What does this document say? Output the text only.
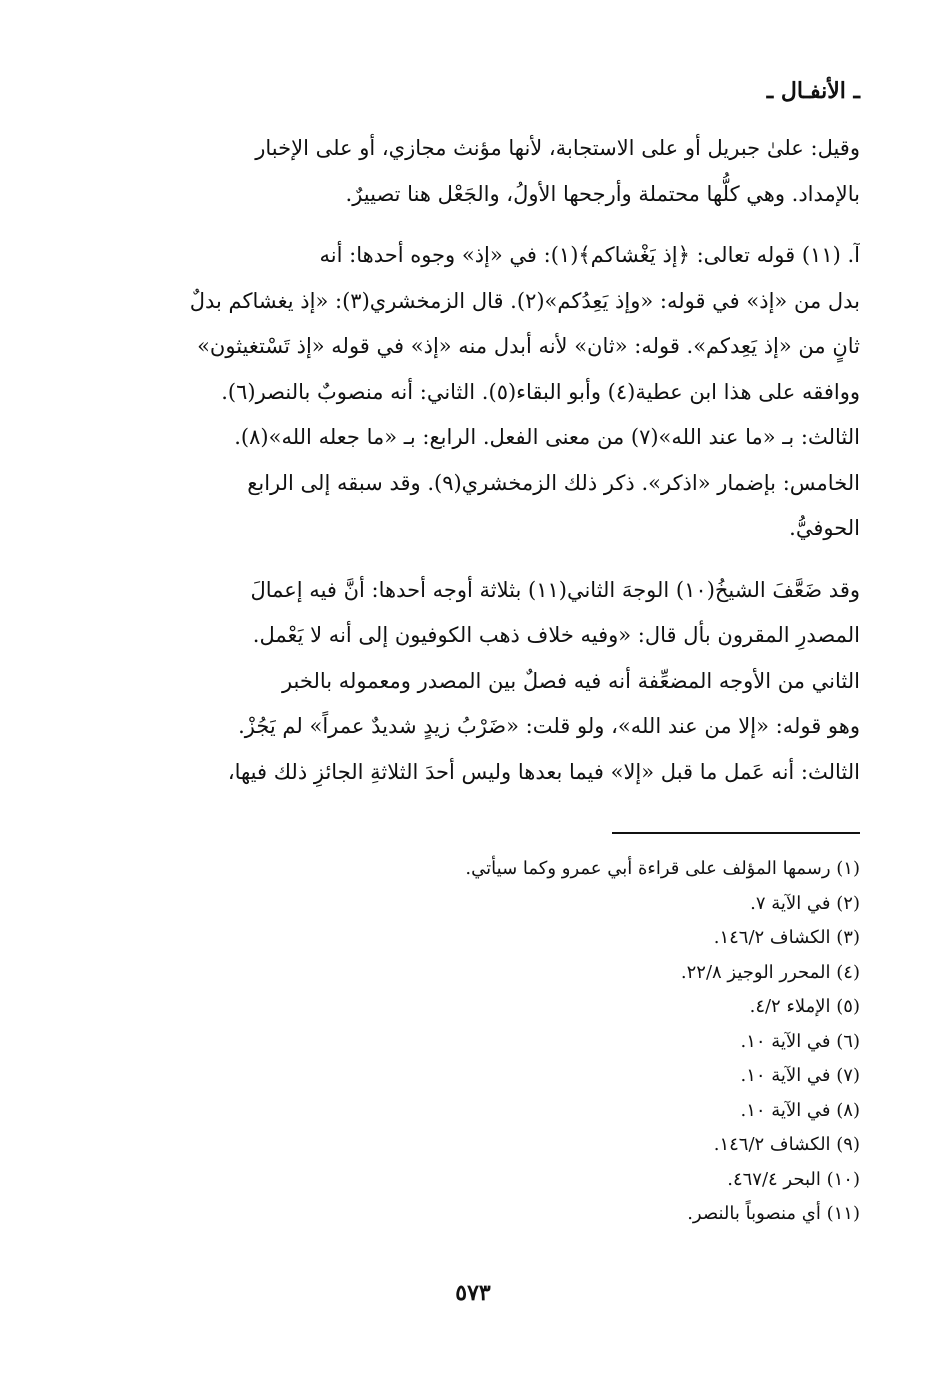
ـ الأنفـال ـ
وقيل: علىٰ جبريل أو على الاستجابة، لأنها مؤنث مجازي، أو على الإخبار
بالإمداد. وهي كلُّها محتملة وأرجحها الأولُ، والجَعْل هنا تصييرٌ.
آ. (١١) قوله تعالى: ﴿إذ يَغْشاكم﴾(١): في «إذ» وجوه أحدها: أنه
بدل من «إذ» في قوله: «وإذ يَعِدُكم»(٢). قال الزمخشري(٣): «إذ يغشاكم بدلٌ
ثانٍ من «إذ يَعِدكم». قوله: «ثان» لأنه أبدل منه «إذ» في قوله «إذ تَسْتغيثون»
ووافقه على هذا ابن عطية(٤) وأبو البقاء(٥). الثاني: أنه منصوبٌ بالنصر(٦).
الثالث: بـ «ما عند الله»(٧) من معنى الفعل. الرابع: بـ «ما جعله الله»(٨).
الخامس: بإضمار «اذكر». ذكر ذلك الزمخشري(٩). وقد سبقه إلى الرابع
الحوفيُّ.
وقد ضَعَّفَ الشيخُ(١٠) الوجهَ الثاني(١١) بثلاثة أوجه أحدها: أنَّ فيه إعمالَ
المصدرِ المقرون بأل قال: «وفيه خلاف ذهب الكوفيون إلى أنه لا يَعْمل.
الثاني من الأوجه المضعِّفة أنه فيه فصلٌ بين المصدر ومعموله بالخبر
وهو قوله: «إلا من عند الله»، ولو قلت: «ضَرْبُ زيدٍ شديدٌ عمراً» لم يَجُزْ.
الثالث: أنه عَمل ما قبل «إلا» فيما بعدها وليس أحدَ الثلاثةِ الجائزِ ذلك فيها،
(١) رسمها المؤلف على قراءة أبي عمرو وكما سيأتي.
(٢) في الآية ٧.
(٣) الكشاف ١٤٦/٢.
(٤) المحرر الوجيز ٢٢/٨.
(٥) الإملاء ٤/٢.
(٦) في الآية ١٠.
(٧) في الآية ١٠.
(٨) في الآية ١٠.
(٩) الكشاف ١٤٦/٢.
(١٠) البحر ٤٦٧/٤.
(١١) أي منصوباً بالنصر.
٥٧٣
